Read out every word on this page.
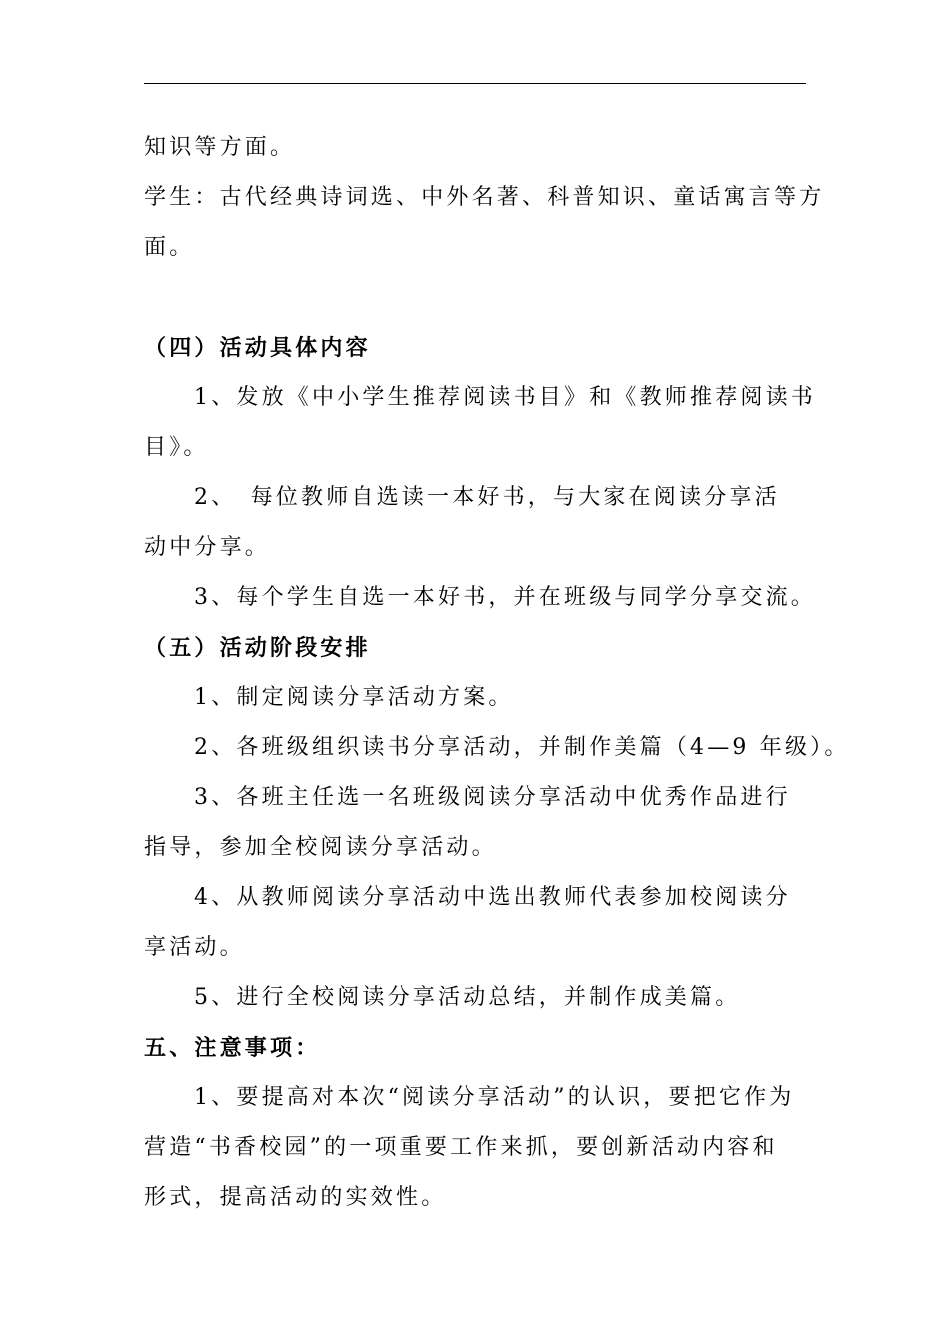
知识等方面。
学生：古代经典诗词选、中外名著、科普知识、童话寓言等方
面。
（四）活动具体内容
1、发放《中小学生推荐阅读书目》和《教师推荐阅读书
目》。
2、　每位教师自选读一本好书，与大家在阅读分享活
动中分享。
3、每个学生自选一本好书，并在班级与同学分享交流。
（五）活动阶段安排
1、制定阅读分享活动方案。
2、各班级组织读书分享活动，并制作美篇（4—9 年级）。
3、各班主任选一名班级阅读分享活动中优秀作品进行
指导，参加全校阅读分享活动。
4、从教师阅读分享活动中选出教师代表参加校阅读分
享活动。
5、进行全校阅读分享活动总结，并制作成美篇。
五、注意事项：
1、要提高对本次“阅读分享活动”的认识，要把它作为
营造“书香校园”的一项重要工作来抓，要创新活动内容和
形式，提高活动的实效性。
